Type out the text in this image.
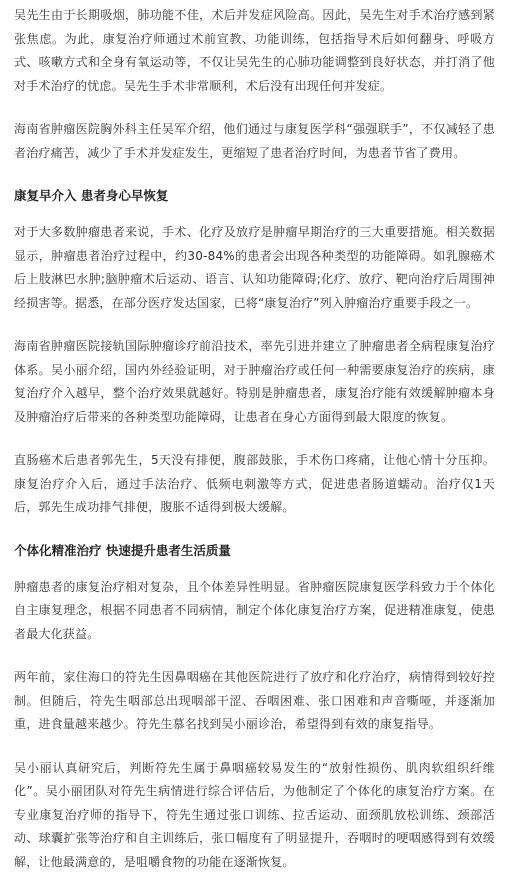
吴先生由于长期吸烟，肺功能不佳，术后并发症风险高。因此，吴先生对手术治疗感到紧张焦虑。为此，康复治疗师通过术前宣教、功能训练，包括指导术后如何翻身、呼吸方式、咳嗽方式和全身有氧运动等，不仅让吴先生的心肺功能调整到良好状态，并打消了他对手术治疗的忧虑。吴先生手术非常顺利，术后没有出现任何并发症。

海南省肿瘤医院胸外科主任吴军介绍，他们通过与康复医学科“强强联手”，不仅减轻了患者治疗痛苦，减少了手术并发症发生，更缩短了患者治疗时间，为患者节省了费用。

康复早介入 患者身心早恢复

对于大多数肿瘤患者来说，手术、化疗及放疗是肿瘤早期治疗的三大重要措施。相关数据显示，肿瘤患者治疗过程中，约30-84%的患者会出现各种类型的功能障碍。如乳腺癌术后上肢淋巴水肿;脑肿瘤术后运动、语言、认知功能障碍;化疗、放疗、靶向治疗后周围神经损害等。据悉，在部分医疗发达国家，已将“康复治疗”列入肿瘤治疗重要手段之一。

海南省肿瘤医院接轨国际肿瘤诊疗前沿技术，率先引进并建立了肿瘤患者全病程康复治疗体系。吴小丽介绍，国内外经验证明，对于肿瘤治疗或任何一种需要康复治疗的疾病，康复治疗介入越早，整个治疗效果就越好。特别是肿瘤患者，康复治疗能有效缓解肿瘤本身及肿瘤治疗后带来的各种类型功能障碍，让患者在身心方面得到最大限度的恢复。

直肠癌术后患者郭先生，5天没有排便，腹部鼓胀，手术伤口疼痛，让他心情十分压抑。康复治疗介入后，通过手法治疗、低频电刺激等方式，促进患者肠道蠕动。治疗仅1天后，郭先生成功排气排便，腹胀不适得到极大缓解。

个体化精准治疗 快速提升患者生活质量

肿瘤患者的康复治疗相对复杂，且个体差异性明显。省肿瘤医院康复医学科致力于个体化自主康复理念，根据不同患者不同病情，制定个体化康复治疗方案，促进精准康复，使患者最大化获益。

两年前，家住海口的符先生因鼻咽癌在其他医院进行了放疗和化疗治疗，病情得到较好控制。但随后，符先生咽部总出现咽部干涩、吞咽困难、张口困难和声音嘶哑，并逐渐加重，进食量越来越少。符先生慕名找到吴小丽诊治，希望得到有效的康复指导。

吴小丽认真研究后，判断符先生属于鼻咽癌较易发生的“放射性损伤、肌肉软组织纤维化”。吴小丽团队对符先生病情进行综合评估后，为他制定了个体化的康复治疗方案。在专业康复治疗师的指导下，符先生通过张口训练、拉舌运动、面颈肌放松训练、颈部活动、球囊扩张等治疗和自主训练后，张口幅度有了明显提升，吞咽时的哽咽感得到有效缓解，让他最满意的，是咀嚼食物的功能在逐渐恢复。
